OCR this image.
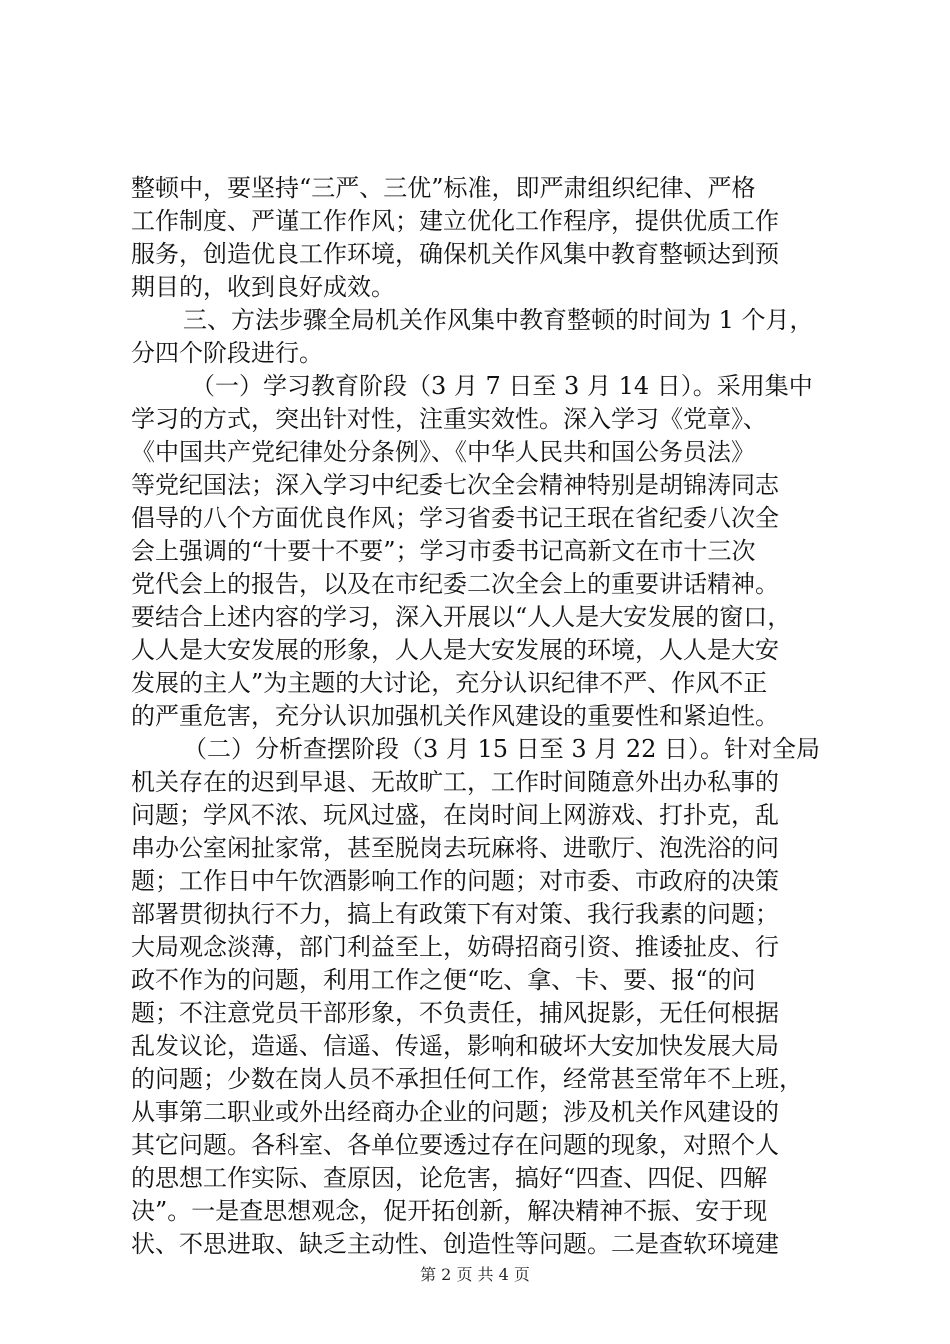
整顿中，要坚持“三严、三优”标准，即严肃组织纪律、严格
工作制度、严谨工作作风；建立优化工作程序，提供优质工作
服务，创造优良工作环境，确保机关作风集中教育整顿达到预
期目的，收到良好成效。
三、方法步骤全局机关作风集中教育整顿的时间为 1 个月，
分四个阶段进行。
（一）学习教育阶段（3 月 7 日至 3 月 14 日）。采用集中
学习的方式，突出针对性，注重实效性。深入学习《党章》、
《中国共产党纪律处分条例》、《中华人民共和国公务员法》
等党纪国法；深入学习中纪委七次全会精神特别是胡锦涛同志
倡导的八个方面优良作风；学习省委书记王珉在省纪委八次全
会上强调的“十要十不要”；学习市委书记高新文在市十三次
党代会上的报告，以及在市纪委二次全会上的重要讲话精神。
要结合上述内容的学习，深入开展以“人人是大安发展的窗口，
人人是大安发展的形象，人人是大安发展的环境，人人是大安
发展的主人”为主题的大讨论，充分认识纪律不严、作风不正
的严重危害，充分认识加强机关作风建设的重要性和紧迫性。
（二）分析查摆阶段（3 月 15 日至 3 月 22 日）。针对全局
机关存在的迟到早退、无故旷工，工作时间随意外出办私事的
问题；学风不浓、玩风过盛，在岗时间上网游戏、打扑克，乱
串办公室闲扯家常，甚至脱岗去玩麻将、进歌厅、泡洗浴的问
题；工作日中午饮酒影响工作的问题；对市委、市政府的决策
部署贯彻执行不力，搞上有政策下有对策、我行我素的问题；
大局观念淡薄，部门利益至上，妨碍招商引资、推诿扯皮、行
政不作为的问题，利用工作之便“吃、拿、卡、要、报“的问
题；不注意党员干部形象，不负责任，捕风捉影，无任何根据
乱发议论，造遥、信遥、传遥，影响和破坏大安加快发展大局
的问题；少数在岗人员不承担任何工作，经常甚至常年不上班，
从事第二职业或外出经商办企业的问题；涉及机关作风建设的
其它问题。各科室、各单位要透过存在问题的现象，对照个人
的思想工作实际、查原因，论危害，搞好“四查、四促、四解
决”。一是查思想观念，促开拓创新，解决精神不振、安于现
状、不思进取、缺乏主动性、创造性等问题。二是查软环境建
第 2 页 共 4 页
